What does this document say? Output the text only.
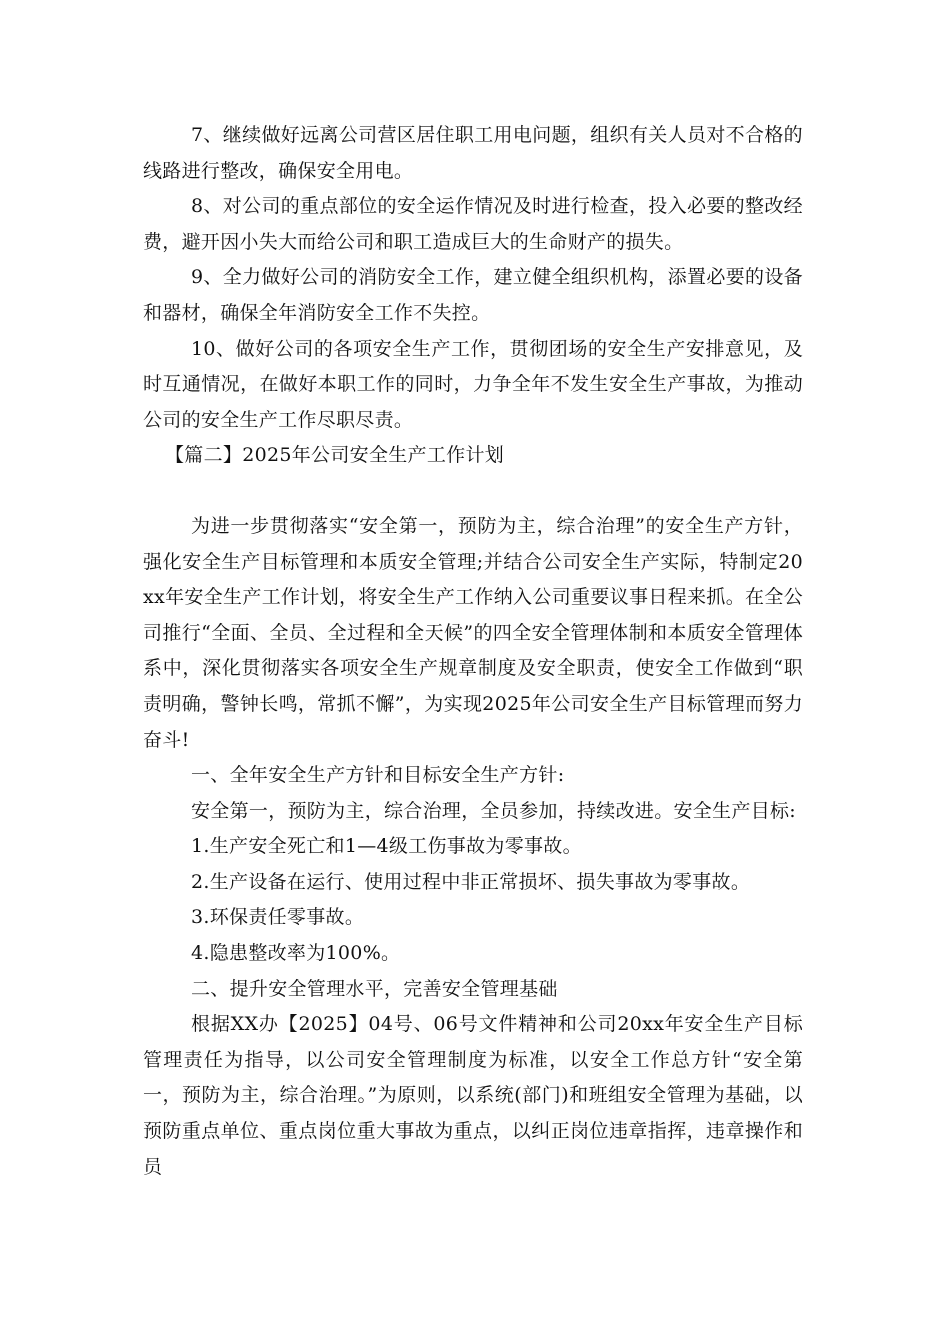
7、继续做好远离公司营区居住职工用电问题，组织有关人员对不合格的线路进行整改，确保安全用电。

8、对公司的重点部位的安全运作情况及时进行检查，投入必要的整改经费，避开因小失大而给公司和职工造成巨大的生命财产的损失。

9、全力做好公司的消防安全工作，建立健全组织机构，添置必要的设备和器材，确保全年消防安全工作不失控。

10、做好公司的各项安全生产工作，贯彻团场的安全生产安排意见，及时互通情况，在做好本职工作的同时，力争全年不发生安全生产事故，为推动公司的安全生产工作尽职尽责。

【篇二】2025年公司安全生产工作计划

为进一步贯彻落实“安全第一，预防为主，综合治理”的安全生产方针，强化安全生产目标管理和本质安全管理;并结合公司安全生产实际，特制定20xx年安全生产工作计划，将安全生产工作纳入公司重要议事日程来抓。在全公司推行“全面、全员、全过程和全天候”的四全安全管理体制和本质安全管理体系中，深化贯彻落实各项安全生产规章制度及安全职责，使安全工作做到“职责明确，警钟长鸣，常抓不懈”，为实现2025年公司安全生产目标管理而努力奋斗!

一、全年安全生产方针和目标安全生产方针:

安全第一，预防为主，综合治理，全员参加，持续改进。安全生产目标:

1.生产安全死亡和1—4级工伤事故为零事故。

2.生产设备在运行、使用过程中非正常损坏、损失事故为零事故。

3.环保责任零事故。

4.隐患整改率为100%。

二、提升安全管理水平，完善安全管理基础

根据XX办【2025】04号、06号文件精神和公司20xx年安全生产目标管理责任为指导，以公司安全管理制度为标准，以安全工作总方针“安全第一，预防为主，综合治理。”为原则，以系统(部门)和班组安全管理为基础，以预防重点单位、重点岗位重大事故为重点，以纠正岗位违章指挥，违章操作和员
